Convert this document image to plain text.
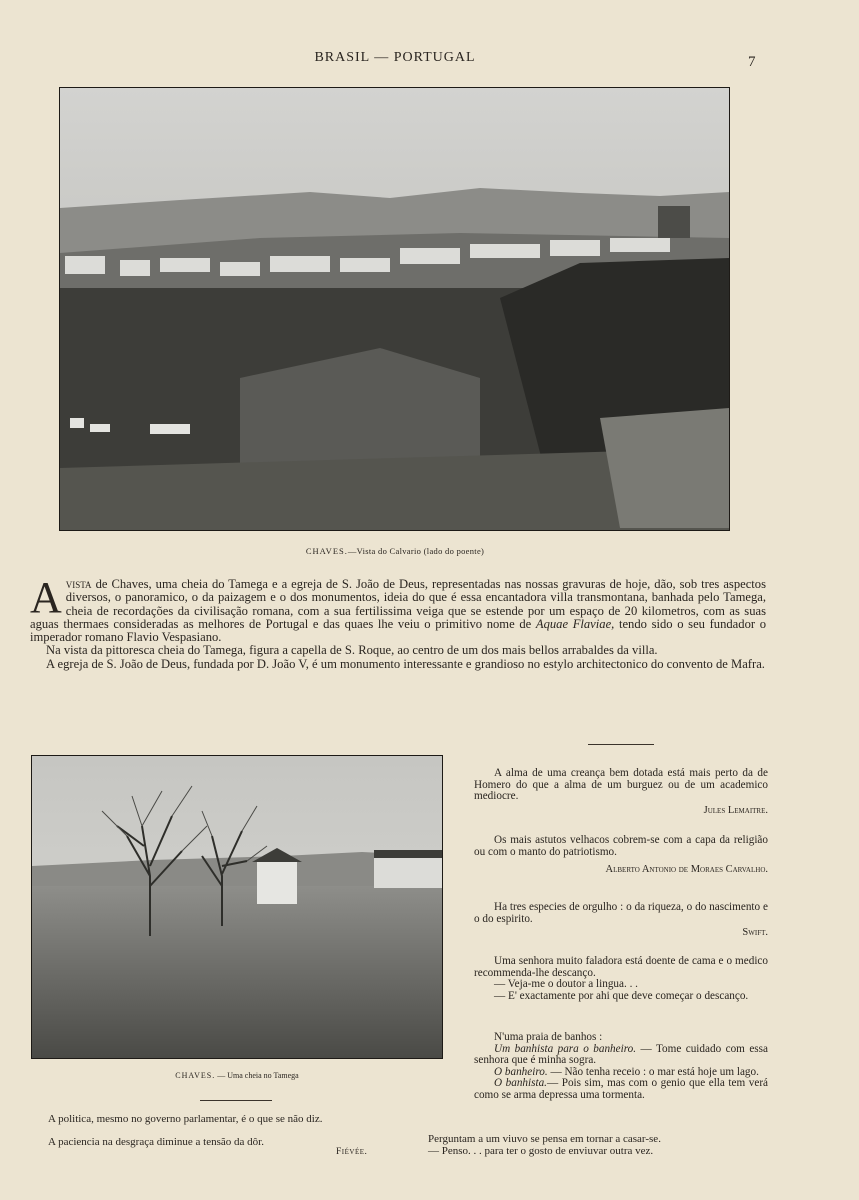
BRASIL — PORTUGAL	7
CHAVES.—Vista do Calvario (lado do poente)

Avista de Chaves, uma cheia do Tamega e a egreja de S. João de Deus, representadas nas nossas gravuras de hoje, dão, sob tres aspectos diversos, o panoramico, o da paizagem e o dos monumentos, ideia do que é essa encantadora villa transmontana, banhada pelo Tamega, cheia de recordações da civilisação romana, com a sua fertilissima veiga que se estende por um espaço de 20 kilometros, com as suas aguas thermaes consideradas as melhores de Portugal e das quaes lhe veiu o primitivo nome de Aquae Flaviae, tendo sido o seu fundador o imperador romano Flavio Vespasiano.

Na vista da pittoresca cheia do Tamega, figura a capella de S. Roque, ao centro de um dos mais bellos arrabaldes da villa.

A egreja de S. João de Deus, fundada por D. João V, é um monumento interessante e grandioso no estylo architectonico do convento de Mafra.

CHAVES. — Uma cheia no Tamega

A alma de uma creança bem dotada está mais perto da de Homero do que a alma de um burguez ou de um academico mediocre.

Jules Lemaitre.

Os mais astutos velhacos cobrem-se com a capa da religião ou com o manto do patriotismo.

Alberto Antonio de Moraes Carvalho.

Ha tres especies de orgulho : o da riqueza, o do nascimento e o do espirito.

Swift.

Uma senhora muito faladora está doente de cama e o medico recommenda-lhe descanço.

— Veja-me o doutor a lingua. . .

— E' exactamente por ahi que deve começar o descanço.

N'uma praia de banhos :

Um banhista para o banheiro. — Tome cuidado com essa senhora que é minha sogra.

O banheiro. — Não tenha receio : o mar está hoje um lago.

O banhista.— Pois sim, mas com o genio que ella tem verá como se arma depressa uma tormenta.

A politica, mesmo no governo parlamentar, é o que se não diz.
A paciencia na desgraça diminue a tensão da dôr.
Fiévée.

Perguntam a um viuvo se pensa em tornar a casar-se.

— Penso. . . para ter o gosto de enviuvar outra vez.
